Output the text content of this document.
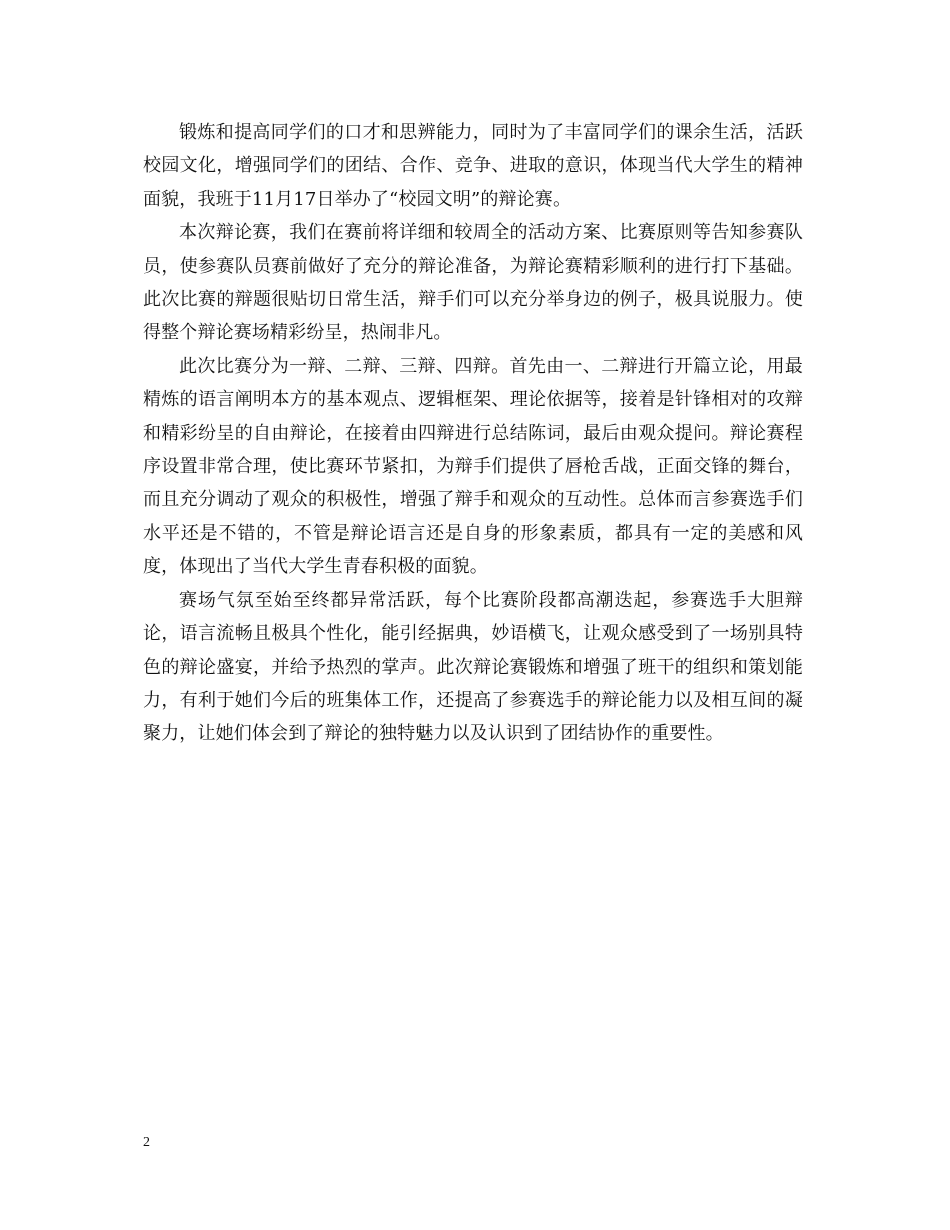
锻炼和提高同学们的口才和思辨能力，同时为了丰富同学们的课余生活，活跃校园文化，增强同学们的团结、合作、竞争、进取的意识，体现当代大学生的精神面貌，我班于11月17日举办了“校园文明”的辩论赛。

本次辩论赛，我们在赛前将详细和较周全的活动方案、比赛原则等告知参赛队员，使参赛队员赛前做好了充分的辩论准备，为辩论赛精彩顺利的进行打下基础。此次比赛的辩题很贴切日常生活，辩手们可以充分举身边的例子，极具说服力。使得整个辩论赛场精彩纷呈，热闹非凡。

此次比赛分为一辩、二辩、三辩、四辩。首先由一、二辩进行开篇立论，用最精炼的语言阐明本方的基本观点、逻辑框架、理论依据等，接着是针锋相对的攻辩和精彩纷呈的自由辩论，在接着由四辩进行总结陈词，最后由观众提问。辩论赛程序设置非常合理，使比赛环节紧扣，为辩手们提供了唇枪舌战，正面交锋的舞台，而且充分调动了观众的积极性，增强了辩手和观众的互动性。总体而言参赛选手们水平还是不错的，不管是辩论语言还是自身的形象素质，都具有一定的美感和风度，体现出了当代大学生青春积极的面貌。

赛场气氛至始至终都异常活跃，每个比赛阶段都高潮迭起，参赛选手大胆辩论，语言流畅且极具个性化，能引经据典，妙语横飞，让观众感受到了一场别具特色的辩论盛宴，并给予热烈的掌声。此次辩论赛锻炼和增强了班干的组织和策划能力，有利于她们今后的班集体工作，还提高了参赛选手的辩论能力以及相互间的凝聚力，让她们体会到了辩论的独特魅力以及认识到了团结协作的重要性。

2
